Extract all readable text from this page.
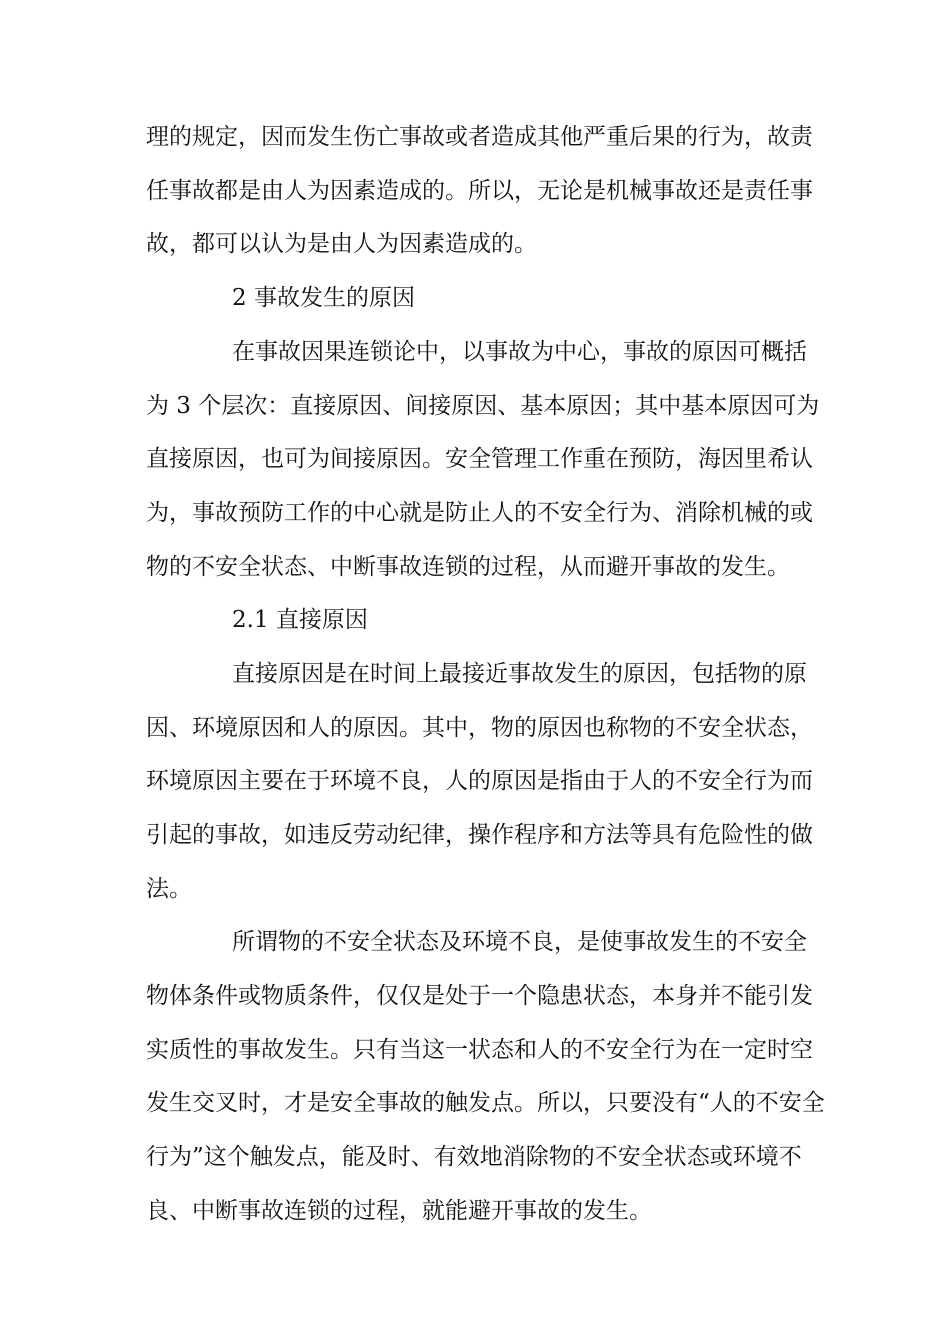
理的规定，因而发生伤亡事故或者造成其他严重后果的行为，故责
任事故都是由人为因素造成的。所以，无论是机械事故还是责任事
故，都可以认为是由人为因素造成的。
2 事故发生的原因
在事故因果连锁论中，以事故为中心，事故的原因可概括
为 3 个层次：直接原因、间接原因、基本原因；其中基本原因可为
直接原因，也可为间接原因。安全管理工作重在预防，海因里希认
为，事故预防工作的中心就是防止人的不安全行为、消除机械的或
物的不安全状态、中断事故连锁的过程，从而避开事故的发生。
2.1 直接原因
直接原因是在时间上最接近事故发生的原因，包括物的原
因、环境原因和人的原因。其中，物的原因也称物的不安全状态，
环境原因主要在于环境不良，人的原因是指由于人的不安全行为而
引起的事故，如违反劳动纪律，操作程序和方法等具有危险性的做
法。
所谓物的不安全状态及环境不良，是使事故发生的不安全
物体条件或物质条件，仅仅是处于一个隐患状态，本身并不能引发
实质性的事故发生。只有当这一状态和人的不安全行为在一定时空
发生交叉时，才是安全事故的触发点。所以，只要没有“人的不安全
行为”这个触发点，能及时、有效地消除物的不安全状态或环境不
良、中断事故连锁的过程，就能避开事故的发生。
